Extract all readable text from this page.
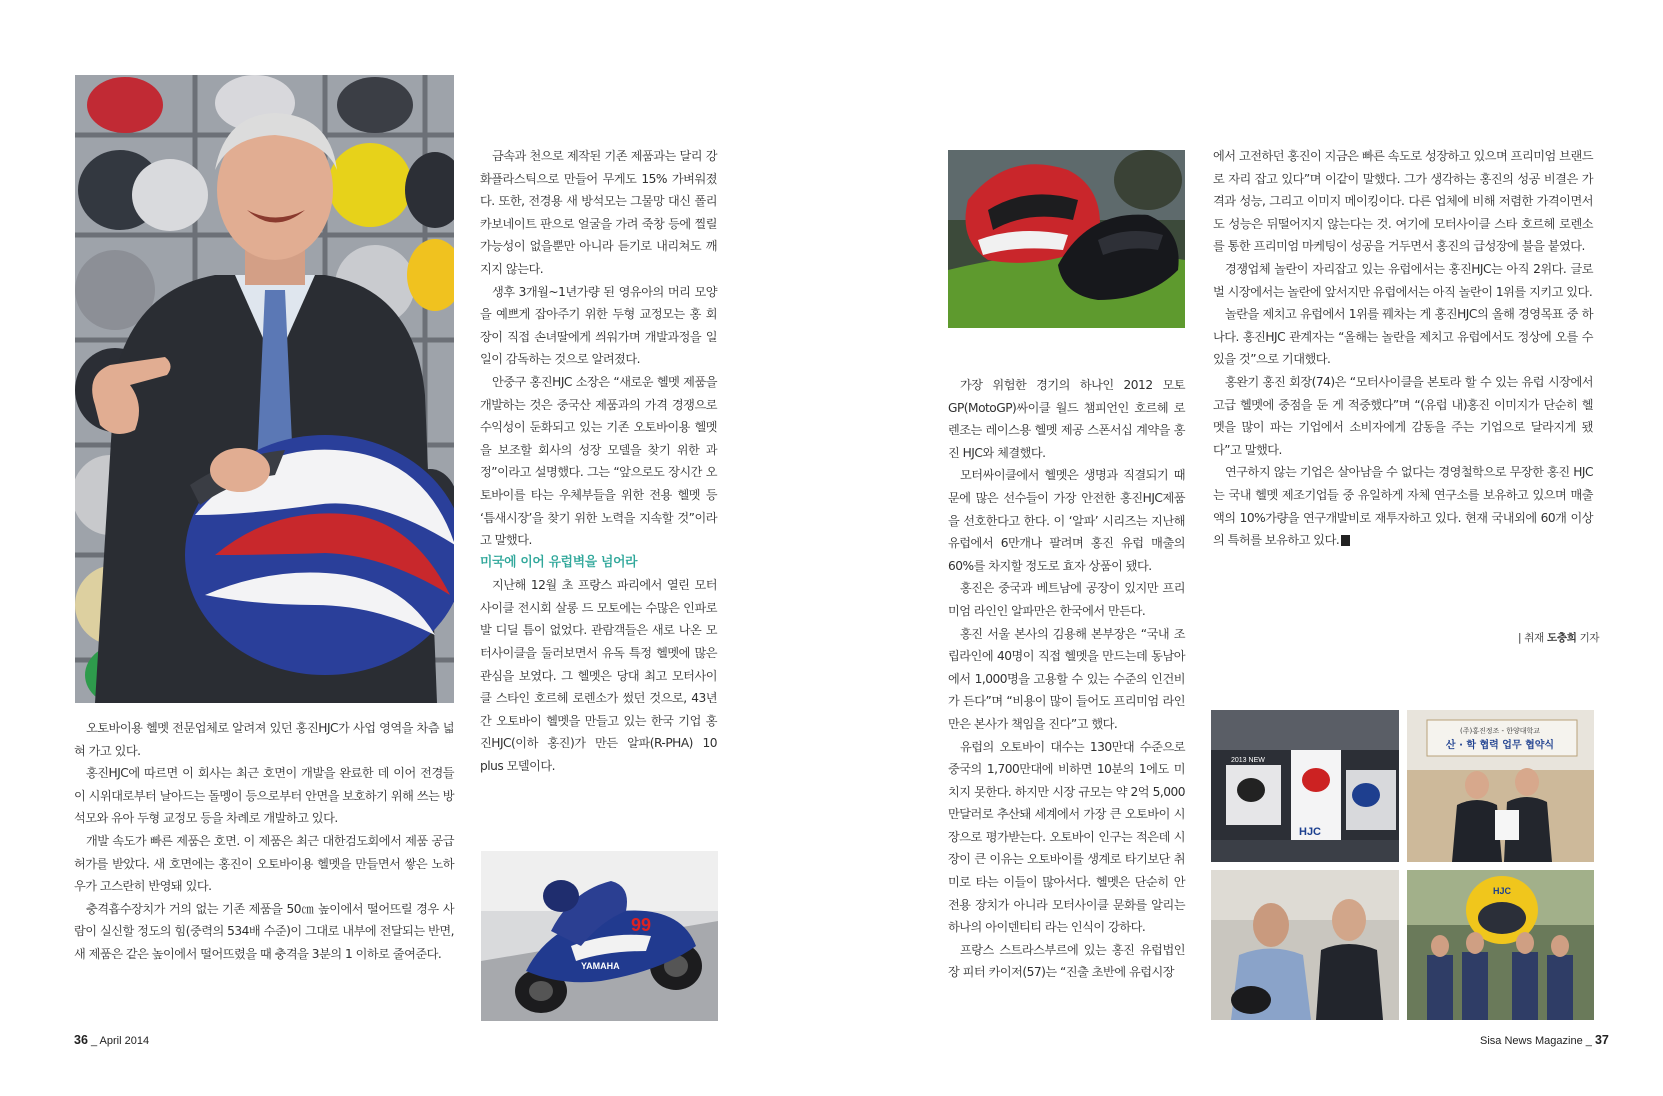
오토바이용 헬멧 전문업체로 알려져 있던 홍진HJC가 사업 영역을 차츰 넓혀 가고 있다.

홍진HJC에 따르면 이 회사는 최근 호면이 개발을 완료한 데 이어 전경들이 시위대로부터 날아드는 돌멩이 등으로부터 안면을 보호하기 위해 쓰는 방석모와 유아 두형 교정모 등을 차례로 개발하고 있다.

개발 속도가 빠른 제품은 호면. 이 제품은 최근 대한검도회에서 제품 공급 허가를 받았다. 새 호면에는 홍진이 오토바이용 헬멧을 만들면서 쌓은 노하우가 고스란히 반영돼 있다.

충격흡수장치가 거의 없는 기존 제품을 50㎝ 높이에서 떨어뜨릴 경우 사람이 실신할 정도의 힘(중력의 534배 수준)이 그대로 내부에 전달되는 반면, 새 제품은 같은 높이에서 떨어뜨렸을 때 충격을 3분의 1 이하로 줄여준다.

금속과 천으로 제작된 기존 제품과는 달리 강화플라스틱으로 만들어 무게도 15% 가벼워졌다. 또한, 전경용 새 방석모는 그물망 대신 폴리카보네이트 판으로 얼굴을 가려 죽창 등에 찔릴 가능성이 없을뿐만 아니라 듣기로 내리쳐도 깨지지 않는다.

생후 3개월~1년가량 된 영유아의 머리 모양을 예쁘게 잡아주기 위한 두형 교정모는 홍 회장이 직접 손녀딸에게 씌워가며 개발과정을 일일이 감독하는 것으로 알려졌다.

안중구 홍진HJC 소장은 “새로운 헬멧 제품을 개발하는 것은 중국산 제품과의 가격 경쟁으로 수익성이 둔화되고 있는 기존 오토바이용 헬멧을 보조할 회사의 성장 모델을 찾기 위한 과정”이라고 설명했다. 그는 “앞으로도 장시간 오토바이를 타는 우체부들을 위한 전용 헬멧 등 ‘틈새시장’을 찾기 위한 노력을 지속할 것”이라고 말했다.

미국에 이어 유럽벽을 넘어라

지난해 12월 초 프랑스 파리에서 열린 모터사이클 전시회 살롱 드 모토에는 수많은 인파로 발 디딜 틈이 없었다. 관람객들은 새로 나온 모터사이클을 둘러보면서 유독 특정 헬멧에 많은 관심을 보였다. 그 헬멧은 당대 최고 모터사이클 스타인 호르헤 로렌소가 썼던 것으로, 43년간 오토바이 헬멧을 만들고 있는 한국 기업 홍진HJC(이하 홍진)가 만든 알파(R-PHA) 10 plus 모델이다.

99
YAMAHA
36 _ April 2014

가장 위험한 경기의 하나인 2012 모토GP(MotoGP)싸이클 월드 챔피언인 호르헤 로렌조는 레이스용 헬멧 제공 스폰서십 계약을 홍진 HJC와 체결했다.

모터싸이클에서 헬멧은 생명과 직결되기 때문에 많은 선수들이 가장 안전한 홍진HJC제품을 선호한다고 한다. 이 ‘알파’ 시리즈는 지난해 유럽에서 6만개나 팔려며 홍진 유럽 매출의 60%를 차지할 정도로 효자 상품이 됐다.

홍진은 중국과 베트남에 공장이 있지만 프리미엄 라인인 알파만은 한국에서 만든다.

홍진 서울 본사의 김용해 본부장은 “국내 조립라인에 40명이 직접 헬멧을 만드는데 동남아에서 1,000명을 고용할 수 있는 수준의 인건비가 든다”며 “비용이 많이 들어도 프리미엄 라인만은 본사가 책임을 진다”고 했다.

유럽의 오토바이 대수는 130만대 수준으로 중국의 1,700만대에 비하면 10분의 1에도 미치지 못한다. 하지만 시장 규모는 약 2억 5,000만달러로 추산돼 세계에서 가장 큰 오토바이 시장으로 평가받는다. 오토바이 인구는 적은데 시장이 큰 이유는 오토바이를 생계로 타기보단 취미로 타는 이들이 많아서다. 헬멧은 단순히 안전용 장치가 아니라 모터사이클 문화를 알리는 하나의 아이덴티티 라는 인식이 강하다.

프랑스 스트라스부르에 있는 홍진 유럽법인장 피터 카이저(57)는 “진출 초반에 유럽시장

에서 고전하던 홍진이 지금은 빠른 속도로 성장하고 있으며 프리미엄 브랜드로 자리 잡고 있다”며 이같이 말했다. 그가 생각하는 홍진의 성공 비결은 가격과 성능, 그리고 이미지 메이킹이다. 다른 업체에 비해 저렴한 가격이면서도 성능은 뒤떨어지지 않는다는 것. 여기에 모터사이클 스타 호르헤 로렌소를 통한 프리미엄 마케팅이 성공을 거두면서 홍진의 급성장에 불을 붙였다.

경쟁업체 놀란이 자리잡고 있는 유럽에서는 홍진HJC는 아직 2위다. 글로벌 시장에서는 놀란에 앞서지만 유럽에서는 아직 놀란이 1위를 지키고 있다.

놀란을 제치고 유럽에서 1위를 꿰차는 게 홍진HJC의 올해 경영목표 중 하나다. 홍진HJC 관계자는 “올해는 놀란을 제치고 유럽에서도 정상에 오를 수 있을 것”으로 기대했다.

홍완기 홍진 회장(74)은 “모터사이클을 본토라 할 수 있는 유럽 시장에서 고급 헬멧에 중점을 둔 게 적중했다”며 “(유럽 내)홍진 이미지가 단순히 헬멧을 많이 파는 기업에서 소비자에게 감동을 주는 기업으로 달라지게 됐다”고 말했다.

연구하지 않는 기업은 살아남을 수 없다는 경영철학으로 무장한 홍진 HJC는 국내 헬멧 제조기업들 중 유일하게 자체 연구소를 보유하고 있으며 매출액의 10%가량을 연구개발비로 재투자하고 있다. 현재 국내외에 60개 이상의 특허를 보유하고 있다. S

| 취재 도충희 기자
2013 NEW
HJC
(주)홍진정조 - 한양대학교
산 · 학 협력 업무 협약식
HJC
Sisa News Magazine _ 37
